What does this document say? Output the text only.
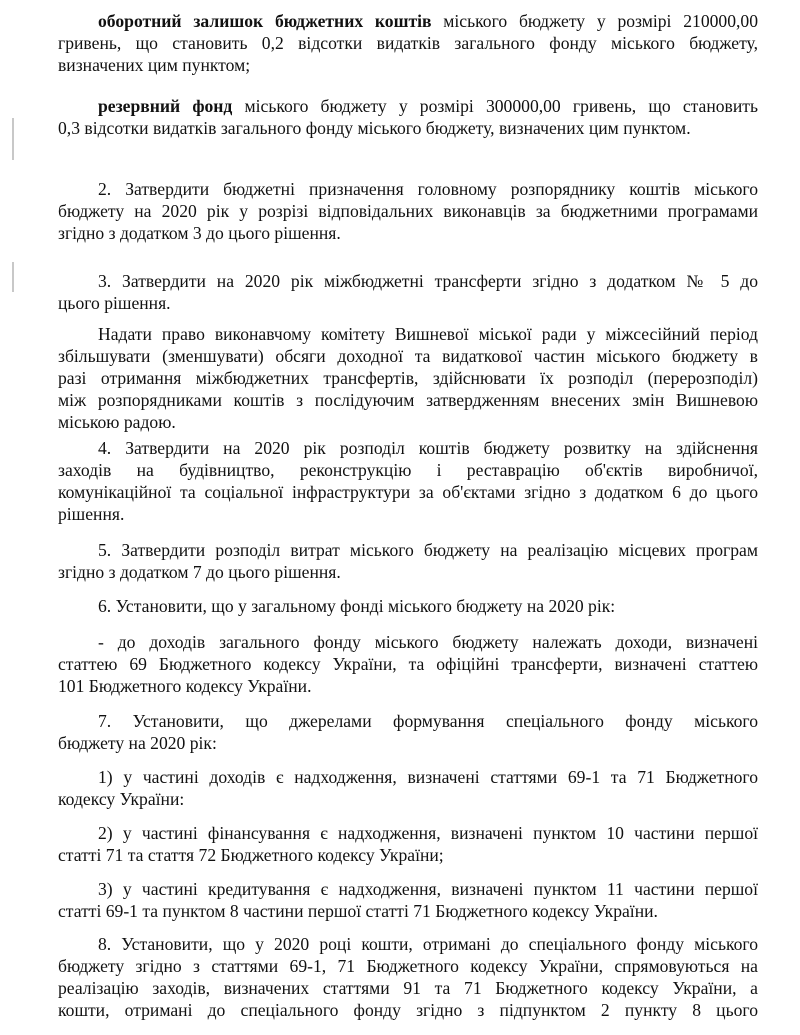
оборотний залишок бюджетних коштів міського бюджету у розмірі 210000,00
гривень, що становить 0,2 відсотки видатків загального фонду міського бюджету,
визначених цим пунктом;

резервний фонд міського бюджету у розмірі 300000,00 гривень, що становить
0,3 відсотки видатків загального фонду міського бюджету, визначених цим пунктом.

2. Затвердити бюджетні призначення головному розпоряднику коштів міського
бюджету на 2020 рік у розрізі відповідальних виконавців за бюджетними програмами
згідно з додатком 3 до цього рішення.

3. Затвердити на 2020 рік міжбюджетні трансферти згідно з додатком № 5 до
цього рішення.

Надати право виконавчому комітету Вишневої міської ради у міжсесійний період
збільшувати (зменшувати) обсяги доходної та видаткової частин міського бюджету в
разі отримання міжбюджетних трансфертів, здійснювати їх розподіл (перерозподіл)
між розпорядниками коштів з послідуючим затвердженням внесених змін Вишневою
міською радою.

4. Затвердити на 2020 рік розподіл коштів бюджету розвитку на здійснення
заходів на будівництво, реконструкцію і реставрацію об'єктів виробничої,
комунікаційної та соціальної інфраструктури за об'єктами згідно з додатком 6 до цього
рішення.

5. Затвердити розподіл витрат міського бюджету на реалізацію місцевих програм
згідно з додатком 7 до цього рішення.

6. Установити, що у загальному фонді міського бюджету на 2020 рік:

- до доходів загального фонду міського бюджету належать доходи, визначені
статтею 69 Бюджетного кодексу України, та офіційні трансферти, визначені статтею
101 Бюджетного кодексу України.

7. Установити, що джерелами формування спеціального фонду міського
бюджету на 2020 рік:

1) у частині доходів є надходження, визначені статтями 69-1 та 71 Бюджетного
кодексу України:

2) у частині фінансування є надходження, визначені пунктом 10 частини першої
статті 71 та стаття 72 Бюджетного кодексу України;

3) у частині кредитування є надходження, визначені пунктом 11 частини першої
статті 69-1 та пунктом 8 частини першої статті 71 Бюджетного кодексу України.

8. Установити, що у 2020 році кошти, отримані до спеціального фонду міського
бюджету згідно з статтями 69-1, 71 Бюджетного кодексу України, спрямовуються на
реалізацію заходів, визначених статтями 91 та 71 Бюджетного кодексу України, а
кошти, отримані до спеціального фонду згідно з підпунктом 2 пункту 8 цього
